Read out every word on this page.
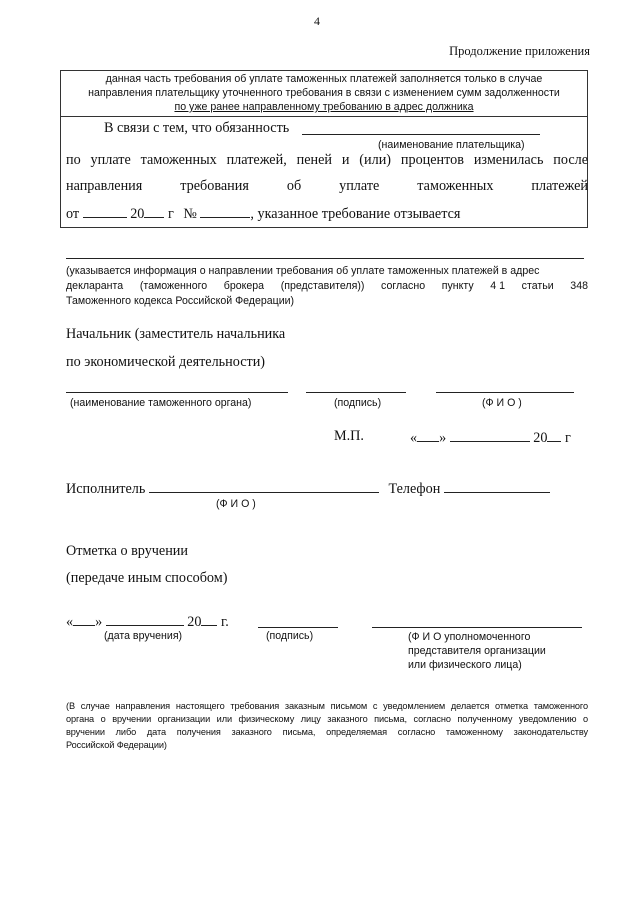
4
Продолжение приложения
данная часть требования об уплате таможенных платежей заполняется только в случае
направления плательщику уточненного требования в связи с изменением сумм задолженности
по уже ранее направленному требованию в адрес должника
В связи с тем, что обязанность
(наименование плательщика)
по уплате таможенных платежей, пеней и (или) процентов изменилась после
направления	требования	об	уплате	таможенных	платежей
от	20 г №	, указанное требование отзывается
(указывается информация о направлении требования об уплате таможенных платежей в адрес
декларанта (таможенного брокера (представителя)) согласно пункту 4 1 статьи 348
Таможенного кодекса Российской Федерации)
Начальник (заместитель начальника
по экономической деятельности)
(наименование таможенного органа)	(подпись)	(Ф И О )
М.П.	« »	20 г
Исполнитель	Телефон
(Ф И О )
Отметка о вручении
(передаче иным способом)
« »	20 г.
(дата вручения)	(подпись)	(Ф И О уполномоченного
представителя организации
или физического лица)
(В случае направления настоящего требования заказным письмом с уведомлением делается отметка таможенного
органа о вручении организации или физическому лицу заказного письма, согласно полученному уведомлению о
вручении либо дата получения заказного письма, определяемая согласно таможенному законодательству
Российской Федерации)
